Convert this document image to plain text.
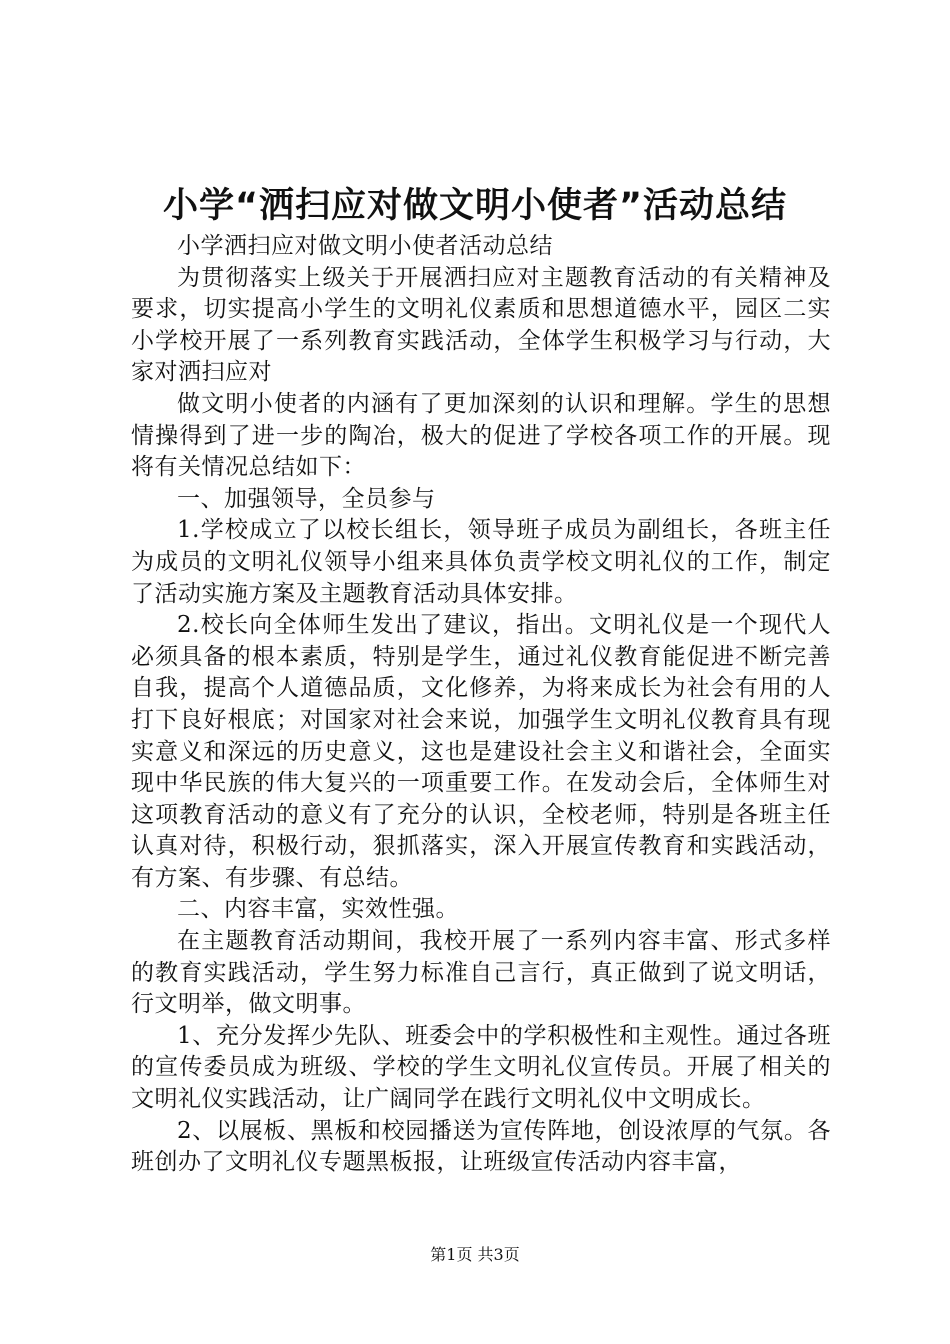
小学“洒扫应对做文明小使者”活动总结

小学洒扫应对做文明小使者活动总结

为贯彻落实上级关于开展洒扫应对主题教育活动的有关精神及要求，切实提高小学生的文明礼仪素质和思想道德水平，园区二实小学校开展了一系列教育实践活动，全体学生积极学习与行动，大家对洒扫应对

做文明小使者的内涵有了更加深刻的认识和理解。学生的思想情操得到了进一步的陶冶，极大的促进了学校各项工作的开展。现将有关情况总结如下：

一、加强领导，全员参与

1.学校成立了以校长组长，领导班子成员为副组长，各班主任为成员的文明礼仪领导小组来具体负责学校文明礼仪的工作，制定了活动实施方案及主题教育活动具体安排。

2.校长向全体师生发出了建议，指出。文明礼仪是一个现代人必须具备的根本素质，特别是学生，通过礼仪教育能促进不断完善自我，提高个人道德品质，文化修养，为将来成长为社会有用的人打下良好根底；对国家对社会来说，加强学生文明礼仪教育具有现实意义和深远的历史意义，这也是建设社会主义和谐社会，全面实现中华民族的伟大复兴的一项重要工作。在发动会后，全体师生对这项教育活动的意义有了充分的认识，全校老师，特别是各班主任认真对待，积极行动，狠抓落实，深入开展宣传教育和实践活动，有方案、有步骤、有总结。

二、内容丰富，实效性强。

在主题教育活动期间，我校开展了一系列内容丰富、形式多样的教育实践活动，学生努力标准自己言行，真正做到了说文明话，行文明举，做文明事。

1、充分发挥少先队、班委会中的学积极性和主观性。通过各班的宣传委员成为班级、学校的学生文明礼仪宣传员。开展了相关的文明礼仪实践活动，让广阔同学在践行文明礼仪中文明成长。

2、以展板、黑板和校园播送为宣传阵地，创设浓厚的气氛。各班创办了文明礼仪专题黑板报，让班级宣传活动内容丰富，

第1页 共3页
